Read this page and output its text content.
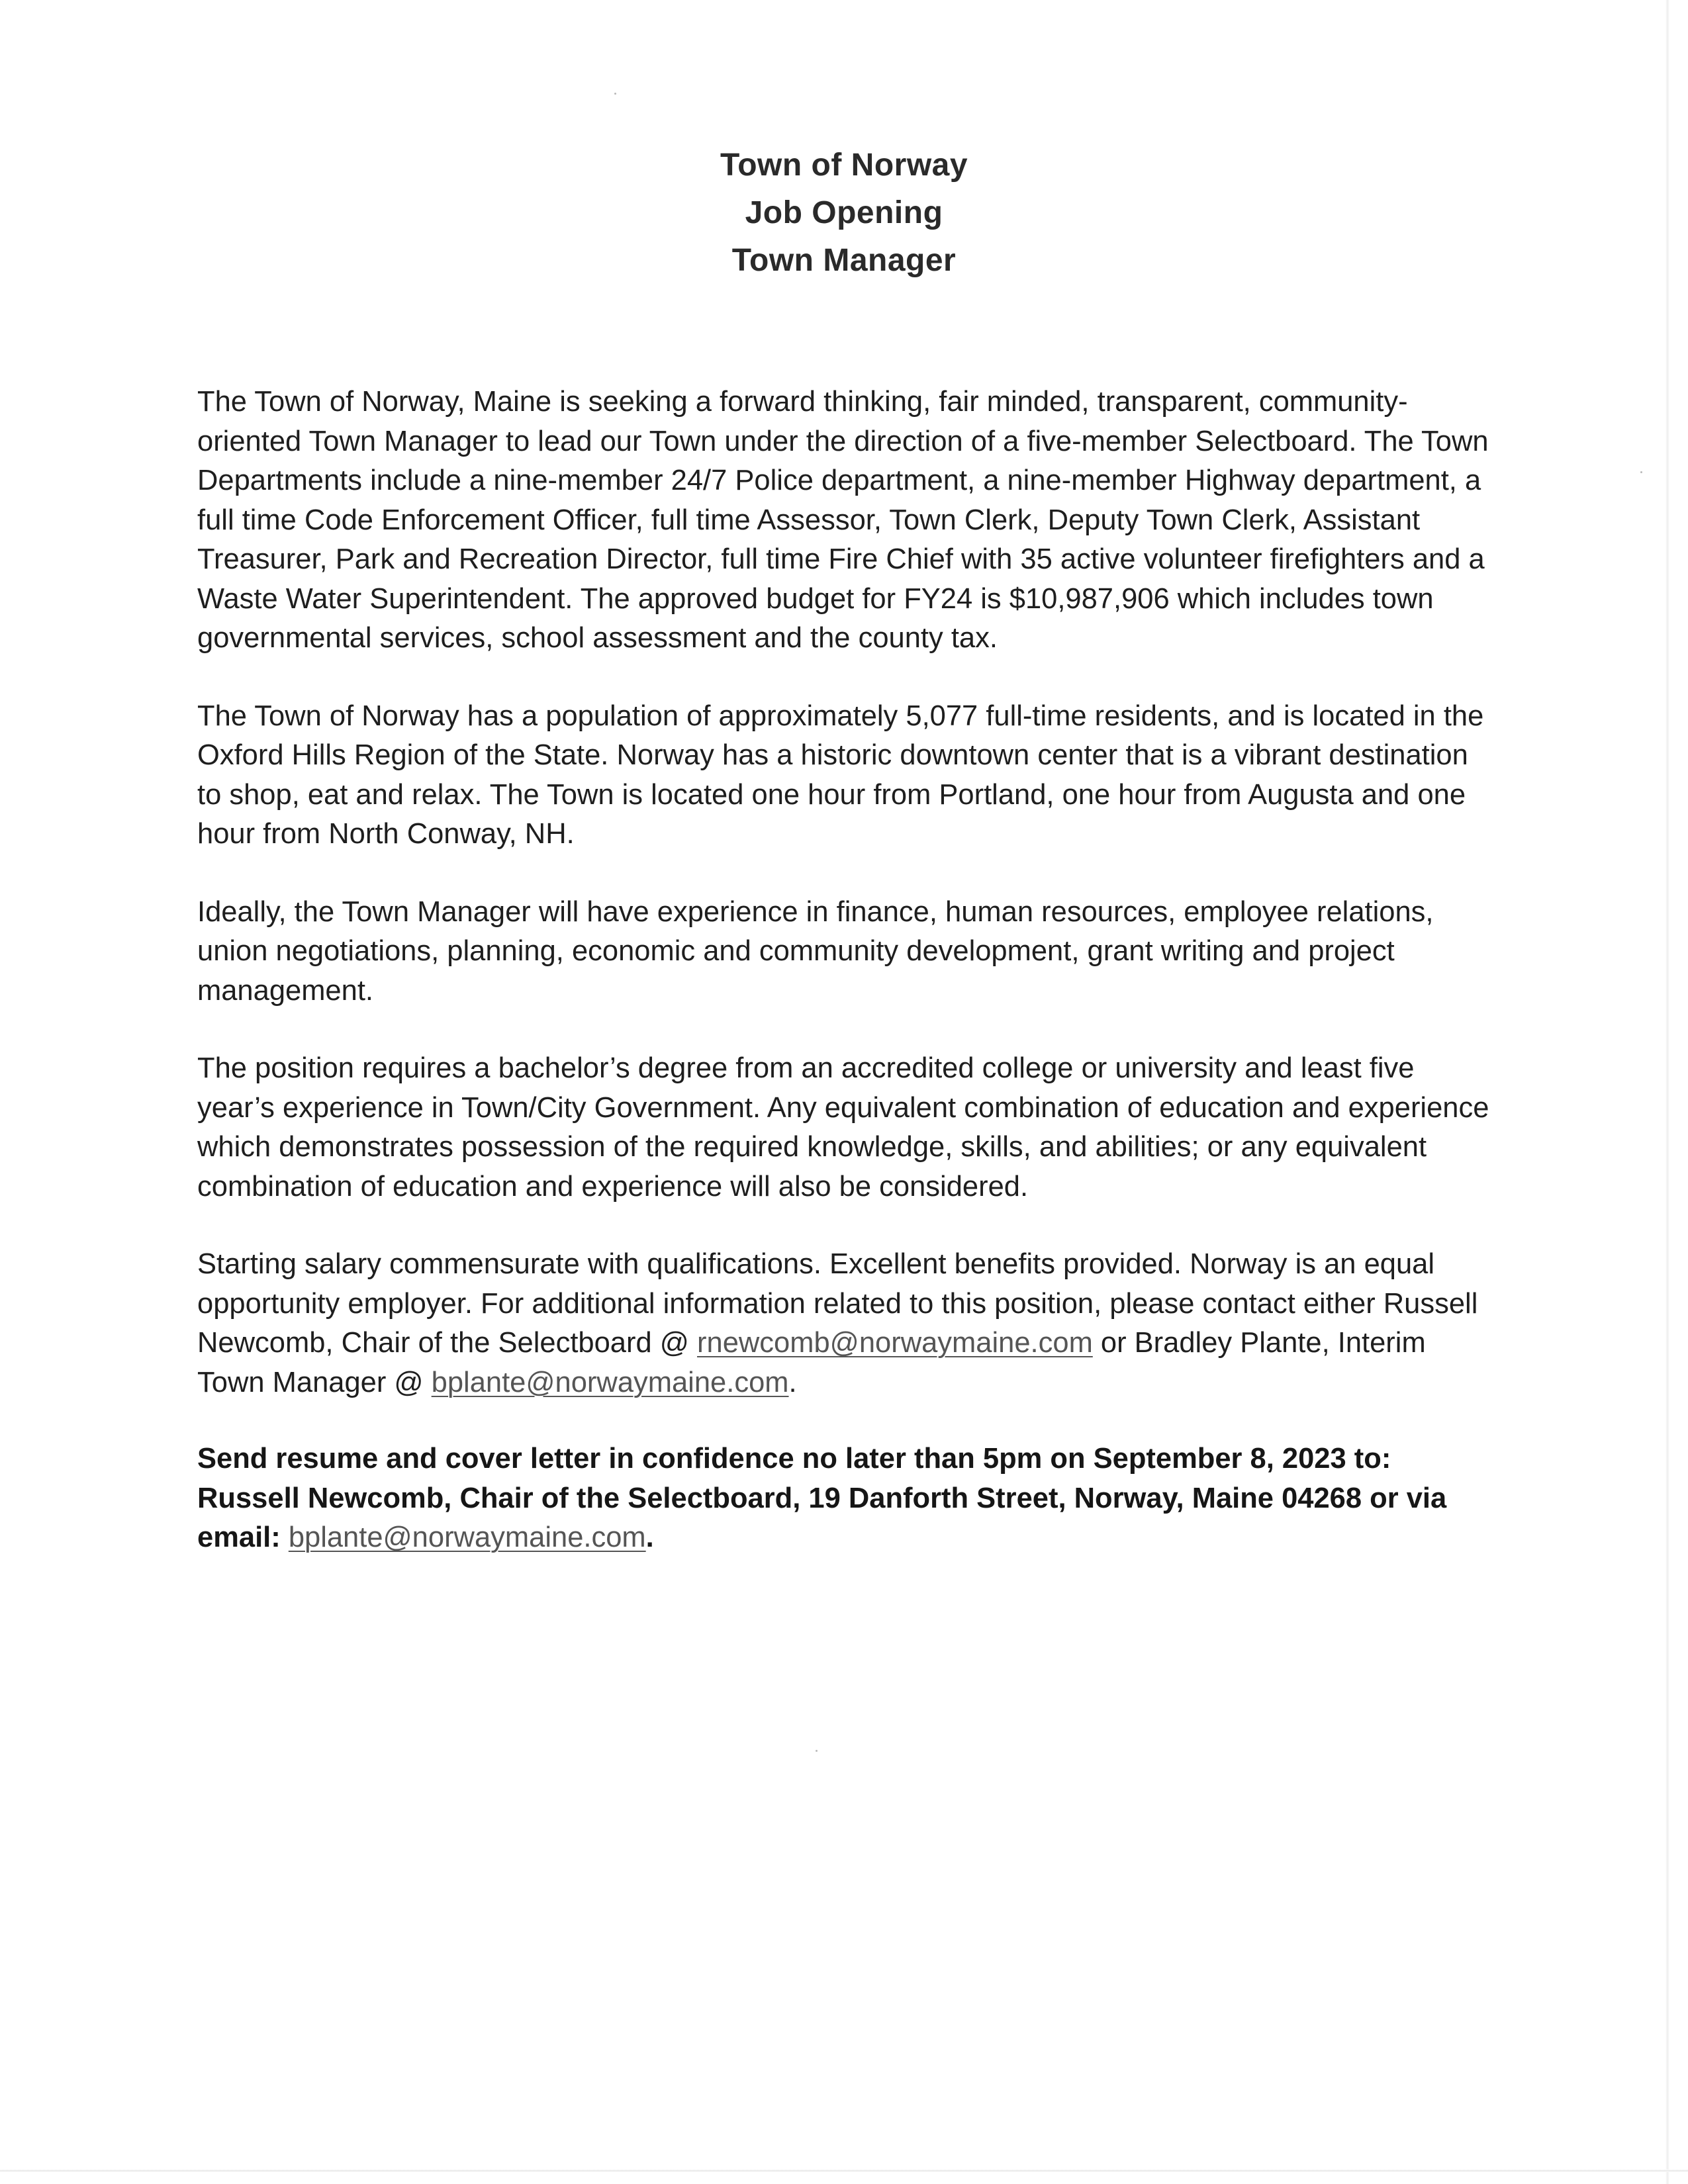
Town of Norway
Job Opening
Town Manager

The Town of Norway, Maine is seeking a forward thinking, fair minded, transparent, community-oriented Town Manager to lead our Town under the direction of a five-member Selectboard. The Town Departments include a nine-member 24/7 Police department, a nine-member Highway department, a full time Code Enforcement Officer, full time Assessor, Town Clerk, Deputy Town Clerk, Assistant Treasurer, Park and Recreation Director, full time Fire Chief with 35 active volunteer firefighters and a Waste Water Superintendent. The approved budget for FY24 is $10,987,906 which includes town governmental services, school assessment and the county tax.

The Town of Norway has a population of approximately 5,077 full-time residents, and is located in the Oxford Hills Region of the State. Norway has a historic downtown center that is a vibrant destination to shop, eat and relax. The Town is located one hour from Portland, one hour from Augusta and one hour from North Conway, NH.

Ideally, the Town Manager will have experience in finance, human resources, employee relations, union negotiations, planning, economic and community development, grant writing and project management.

The position requires a bachelor’s degree from an accredited college or university and least five year’s experience in Town/City Government. Any equivalent combination of education and experience which demonstrates possession of the required knowledge, skills, and abilities; or any equivalent combination of education and experience will also be considered.

Starting salary commensurate with qualifications. Excellent benefits provided. Norway is an equal opportunity employer. For additional information related to this position, please contact either Russell Newcomb, Chair of the Selectboard @ rnewcomb@norwaymaine.com or Bradley Plante, Interim Town Manager @ bplante@norwaymaine.com.

Send resume and cover letter in confidence no later than 5pm on September 8, 2023 to: Russell Newcomb, Chair of the Selectboard, 19 Danforth Street, Norway, Maine 04268 or via email: bplante@norwaymaine.com.
